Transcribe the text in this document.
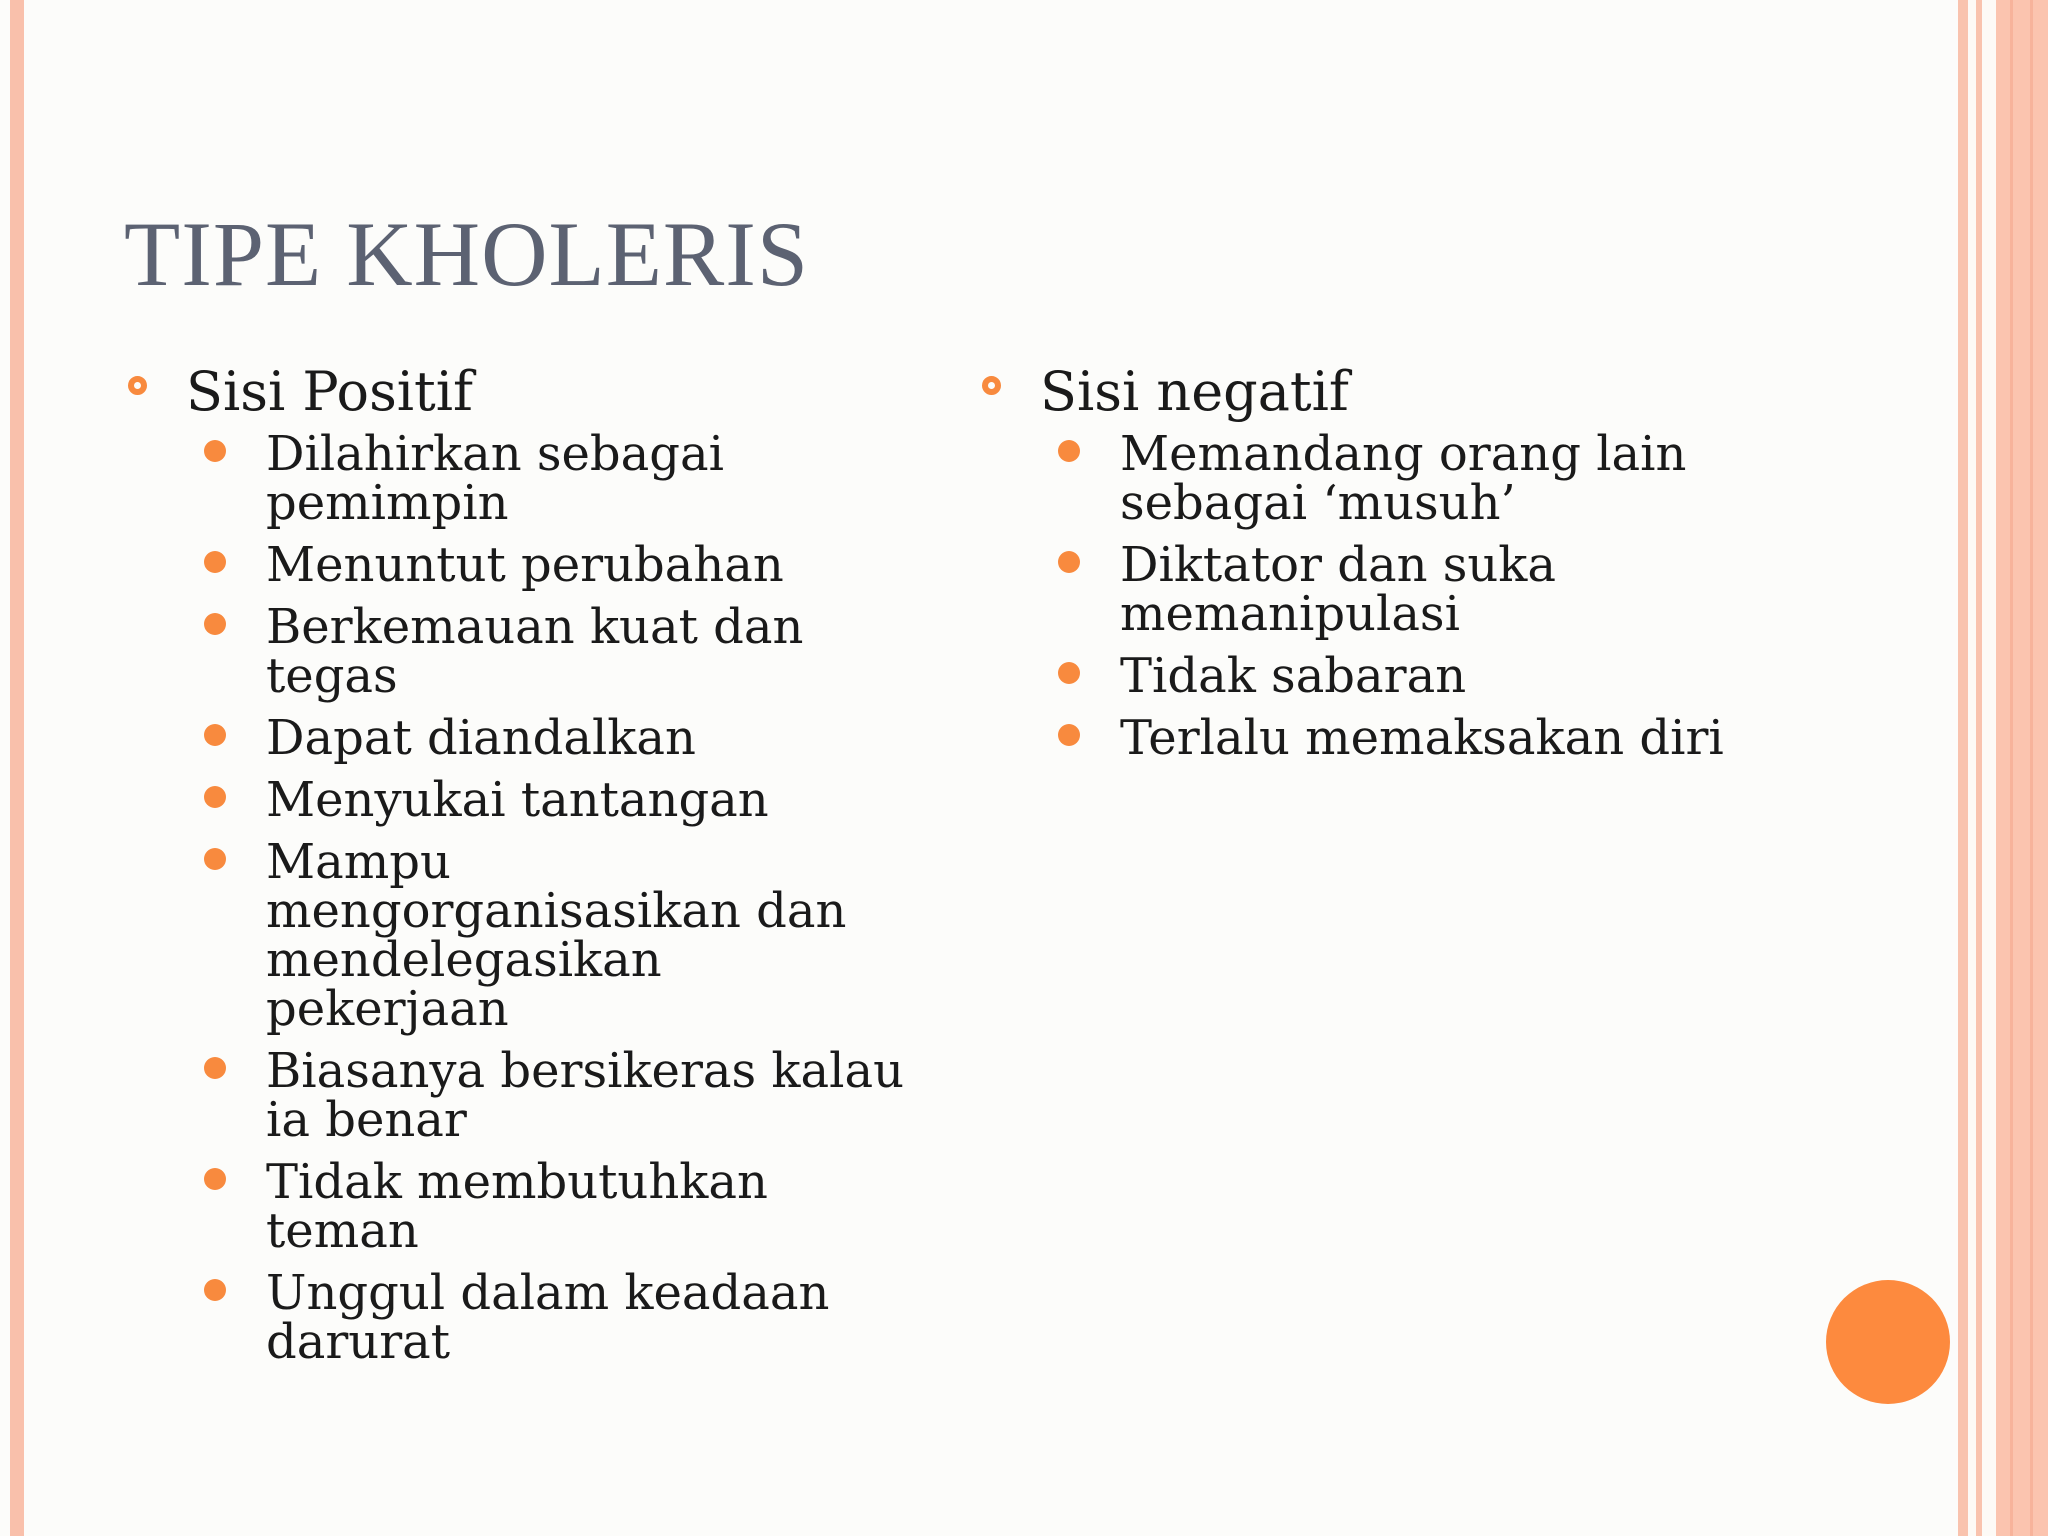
TIPE KHOLERIS
Sisi Positif
Dilahirkan sebagai pemimpin
Menuntut perubahan
Berkemauan kuat dan tegas
Dapat diandalkan
Menyukai tantangan
Mampu mengorganisasikan dan mendelegasikan pekerjaan
Biasanya bersikeras kalau ia benar
Tidak membutuhkan teman
Unggul dalam keadaan darurat
Sisi negatif
Memandang orang lain sebagai ‘musuh’
Diktator dan suka memanipulasi
Tidak sabaran
Terlalu memaksakan diri
